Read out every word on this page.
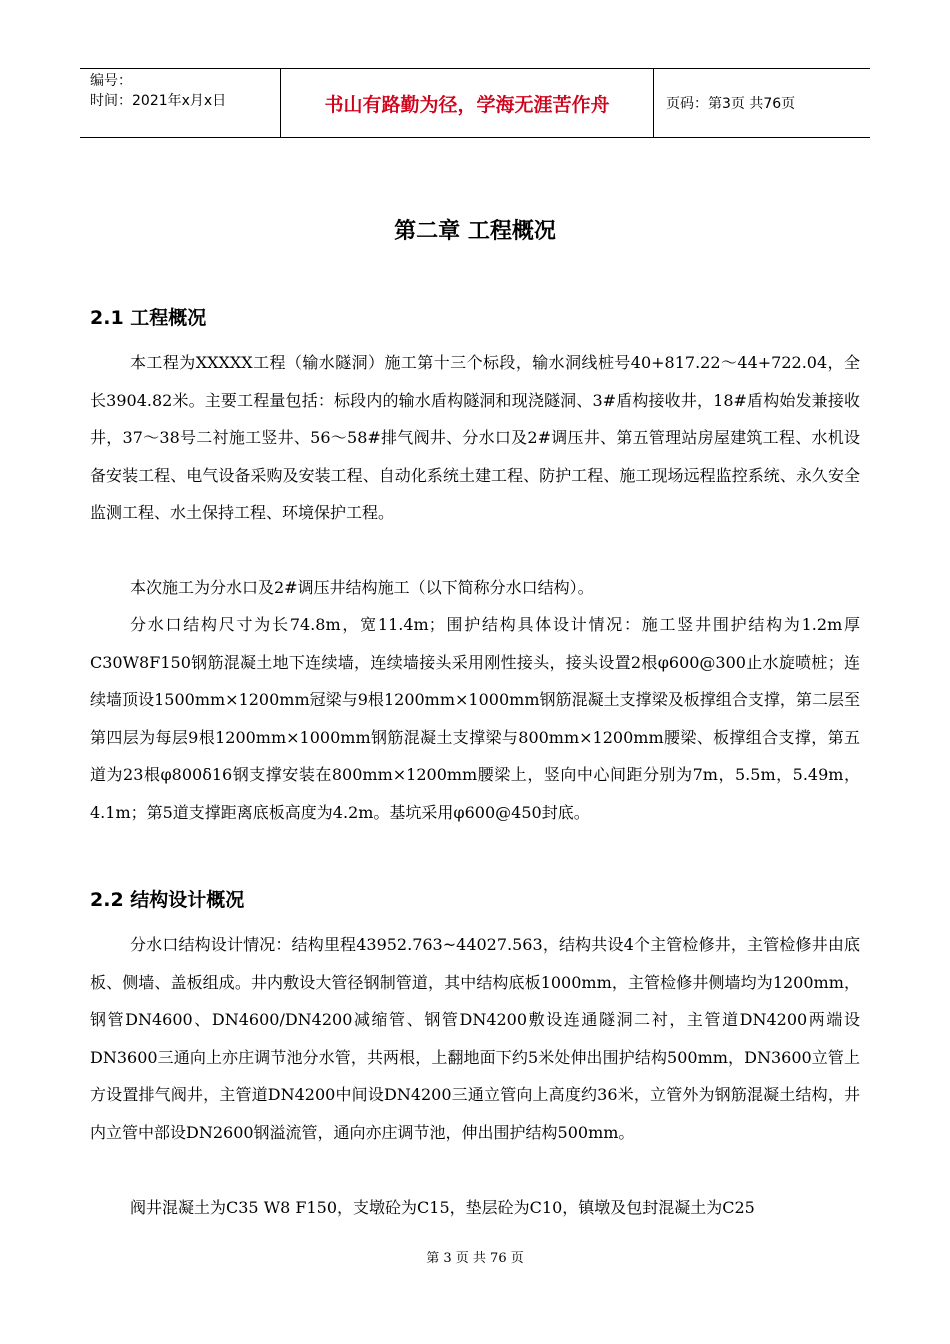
编号：
时间：2021年x月x日	书山有路勤为径，学海无涯苦作舟	页码：第3页 共76页
第二章 工程概况
2.1 工程概况

本工程为XXXXX工程（输水隧洞）施工第十三个标段，输水洞线桩号40+817.22～44+722.04，全长3904.82米。主要工程量包括：标段内的输水盾构隧洞和现浇隧洞、3#盾构接收井，18#盾构始发兼接收井，37～38号二衬施工竖井、56～58#排气阀井、分水口及2#调压井、第五管理站房屋建筑工程、水机设备安装工程、电气设备采购及安装工程、自动化系统土建工程、防护工程、施工现场远程监控系统、永久安全监测工程、水土保持工程、环境保护工程。

本次施工为分水口及2#调压井结构施工（以下简称分水口结构）。

分水口结构尺寸为长74.8m，宽11.4m；围护结构具体设计情况：施工竖井围护结构为1.2m厚C30W8F150钢筋混凝土地下连续墙，连续墙接头采用刚性接头，接头设置2根φ600@300止水旋喷桩；连续墙顶设1500mm×1200mm冠梁与9根1200mm×1000mm钢筋混凝土支撑梁及板撑组合支撑，第二层至第四层为每层9根1200mm×1000mm钢筋混凝土支撑梁与800mm×1200mm腰梁、板撑组合支撑，第五道为23根φ800δ16钢支撑安装在800mm×1200mm腰梁上，竖向中心间距分别为7m，5.5m，5.49m，4.1m；第5道支撑距离底板高度为4.2m。基坑采用φ600@450封底。

2.2 结构设计概况

分水口结构设计情况：结构里程43952.763~44027.563，结构共设4个主管检修井，主管检修井由底板、侧墙、盖板组成。井内敷设大管径钢制管道，其中结构底板1000mm，主管检修井侧墙均为1200mm，钢管DN4600、DN4600/DN4200减缩管、钢管DN4200敷设连通隧洞二衬，主管道DN4200两端设DN3600三通向上亦庄调节池分水管，共两根，上翻地面下约5米处伸出围护结构500mm，DN3600立管上方设置排气阀井，主管道DN4200中间设DN4200三通立管向上高度约36米，立管外为钢筋混凝土结构，井内立管中部设DN2600钢溢流管，通向亦庄调节池，伸出围护结构500mm。

阀井混凝土为C35 W8 F150，支墩砼为C15，垫层砼为C10，镇墩及包封混凝土为C25

第 3 页 共 76 页
